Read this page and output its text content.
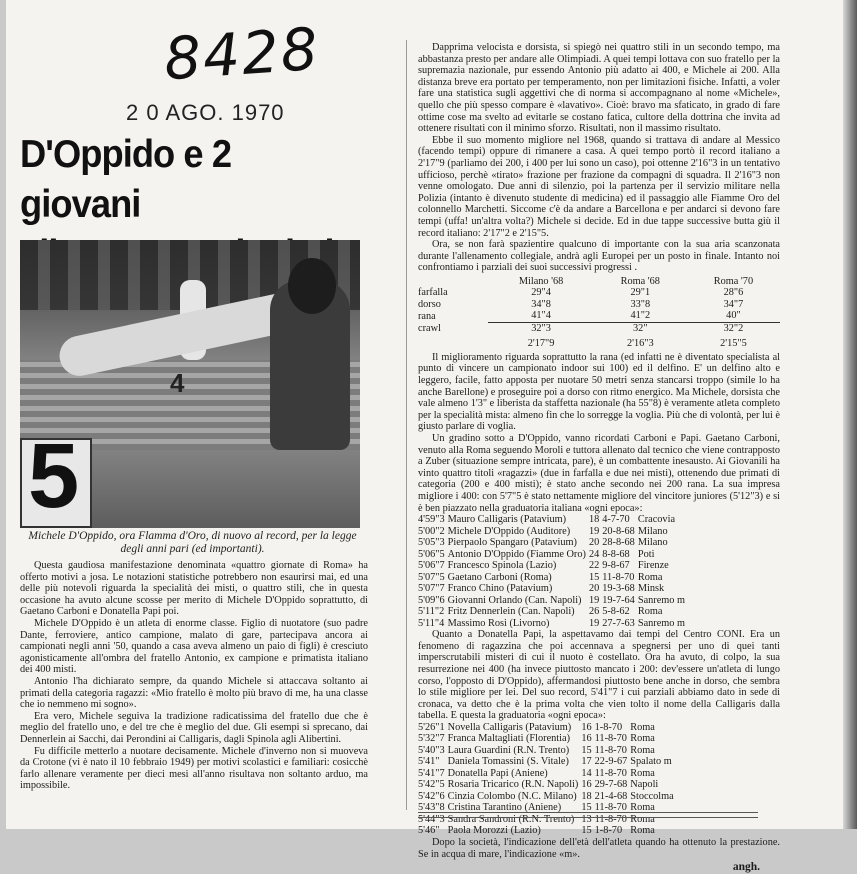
8428
2 0 AGO. 1970
D'Oppido e 2 giovani
5
4
Michele D'Oppido, ora Flamma d'Oro, di nuovo al record, per la legge degli anni pari (ed importanti).

Questa gaudiosa manifestazione denominata «quattro giornate di Roma» ha offerto motivi a josa. Le notazioni statistiche potrebbero non esaurirsi mai, ed una delle più notevoli riguarda la specialità dei misti, o quattro stili, che in questa occasione ha avuto alcune scosse per merito di Michele D'Oppido soprattutto, di Gaetano Carboni e Donatella Papi poi.

Michele D'Oppido è un atleta di enorme classe. Figlio di nuotatore (suo padre Dante, ferroviere, antico campione, malato di gare, partecipava ancora ai campionati negli anni '50, quando a casa aveva almeno un paio di figli) è cresciuto agonisticamente all'ombra del fratello Antonio, ex campione e primatista italiano dei 400 misti.

Antonio l'ha dichiarato sempre, da quando Michele si attaccava soltanto ai primati della categoria ragazzi: «Mio fratello è molto più bravo di me, ha una classe che io nemmeno mi sogno».

Era vero, Michele seguiva la tradizione radicatissima del fratello due che è meglio del fratello uno, e del tre che è meglio del due. Gli esempi si sprecano, dai Dennerlein ai Sacchi, dai Perondini ai Calligaris, dagli Spinola agli Alibertini.

Fu difficile metterlo a nuotare decisamente. Michele d'inverno non si muoveva da Crotone (vi è nato il 10 febbraio 1949) per motivi scolastici e familiari: cosicchè farlo allenare veramente per dieci mesi all'anno risultava non soltanto arduo, ma impossibile.

Dapprima velocista e dorsista, si spiegò nei quattro stili in un secondo tempo, ma abbastanza presto per andare alle Olimpiadi. A quei tempi lottava con suo fratello per la supremazia nazionale, pur essendo Antonio più adatto ai 400, e Michele ai 200. Alla distanza breve era portato per temperamento, non per limitazioni fisiche. Infatti, a voler fare una statistica sugli aggettivi che di norma si accompagnano al nome «Michele», quello che più spesso compare è «lavativo». Cioè: bravo ma sfaticato, in grado di fare ottime cose ma svelto ad evitarle se costano fatica, cultore della dottrina che invita ad ottenere risultati con il minimo sforzo. Risultati, non il massimo risultato.

Ebbe il suo momento migliore nel 1968, quando si trattava di andare al Messico (facendo tempi) oppure di rimanere a casa. A quei tempo portò il record italiano a 2'17"9 (parliamo dei 200, i 400 per lui sono un caso), poi ottenne 2'16"3 in un tentativo ufficioso, perchè «tirato» frazione per frazione da compagni di squadra. Il 2'16"3 non venne omologato. Due anni di silenzio, poi la partenza per il servizio militare nella Polizia (intanto è divenuto studente di medicina) ed il passaggio alle Fiamme Oro del colonnello Marchetti. Siccome c'è da andare a Barcellona e per andarci si devono fare tempi (uffa! un'altra volta?) Michele si decide. Ed in due tappe successive butta giù il record italiano: 2'17"2 e 2'15"5.

Ora, se non farà spazientire qualcuno di importante con la sua aria scanzonata durante l'allenamento collegiale, andrà agli Europei per un posto in finale. Intanto noi confrontiamo i parziali dei suoi successivi progressi .

	Milano '68	Roma '68	Roma '70
farfalla	29"4	29"1	28"6
dorso	34"8	33"8	34"7
rana	41"4	41"2	40"
crawl	32"3	32"	32"2
	2'17"9	2'16"3	2'15"5

Il miglioramento riguarda soprattutto la rana (ed infatti ne è diventato specialista al punto di vincere un campionato indoor sui 100) ed il delfino. E' un delfino alto e leggero, facile, fatto apposta per nuotare 50 metri senza stancarsi troppo (simile lo ha anche Barellone) e proseguire poi a dorso con ritmo energico. Ma Michele, dorsista che vale almeno 1'3" e liberista da staffetta nazionale (ha 55"8) è veramente atleta completo per la specialità mista: almeno fin che lo sorregge la voglia. Più che di volontà, per lui è giusto parlare di voglia.

Un gradino sotto a D'Oppido, vanno ricordati Carboni e Papi. Gaetano Carboni, venuto alla Roma seguendo Moroli e tuttora allenato dal tecnico che viene contrapposto a Zuber (situazione sempre intricata, pare), è un combattente inesausto. Ai Giovanili ha vinto quattro titoli «ragazzi» (due in farfalla e due nei misti), ottenendo due primati di categoria (200 e 400 misti); è stato anche secondo nei 200 rana. La sua impresa migliore i 400: con 5'7"5 è stato nettamente migliore del vincitore juniores (5'12"3) e si è ben piazzato nella graduatoria italiana «ogni epoca»:

4'59"3	Mauro Calligaris (Patavium)	18	4-7-70	Cracovia
5'00"2	Michele D'Oppido (Auditore)	19	20-8-68	Milano
5'05"3	Pierpaolo Spangaro (Patavium)	20	28-8-68	Milano
5'06"5	Antonio D'Oppido (Fiamme Oro)	24	8-8-68	Poti
5'06"7	Francesco Spinola (Lazio)	22	9-8-67	Firenze
5'07"5	Gaetano Carboni (Roma)	15	11-8-70	Roma
5'07"7	Franco Chino (Patavium)	20	19-3-68	Minsk
5'09"6	Giovanni Orlando (Can. Napoli)	19	19-7-64	Sanremo m
5'11"2	Fritz Dennerlein (Can. Napoli)	26	5-8-62	Roma
5'11"4	Massimo Rosi (Livorno)	19	27-7-63	Sanremo m

Quanto a Donatella Papi, la aspettavamo dai tempi del Centro CONI. Era un fenomeno di ragazzina che poi accennava a spegnersi per uno di quei tanti imperscrutabili misteri di cui il nuoto è costellato. Ora ha avuto, di colpo, la sua resurrezione nei 400 (ha invece piuttosto mancato i 200: dev'essere un'atleta di lungo corso, l'opposto di D'Oppido), affermandosi piuttosto bene anche in dorso, che sembra lo stile migliore per lei. Del suo record, 5'41"7 i cui parziali abbiamo dato in sede di cronaca, va detto che è la prima volta che vien tolto il nome della Calligaris dalla tabella. E questa la graduatoria «ogni epoca»:

5'26"1	Novella Calligaris (Patavium)	16	1-8-70	Roma
5'32"7	Franca Maltagliati (Florentia)	16	11-8-70	Roma
5'40"3	Laura Guardini (R.N. Trento)	15	11-8-70	Roma
5'41"	Daniela Tomassini (S. Vitale)	17	22-9-67	Spalato m
5'41"7	Donatella Papi (Aniene)	14	11-8-70	Roma
5'42"5	Rosaria Tricarico (R.N. Napoli)	16	29-7-68	Napoli
5'42"6	Cinzia Colombo (N.C. Milano)	18	21-4-68	Stoccolma
5'43"8	Cristina Tarantino (Aniene)	15	11-8-70	Roma
5'44"3	Sandra Sandroni (R.N. Trento)	13	11-8-70	Roma
5'46"	Paola Morozzi (Lazio)	15	1-8-70	Roma

Dopo la società, l'indicazione dell'età dell'atleta quando ha ottenuto la prestazione. Se in acqua di mare, l'indicazione «m».

angh.
